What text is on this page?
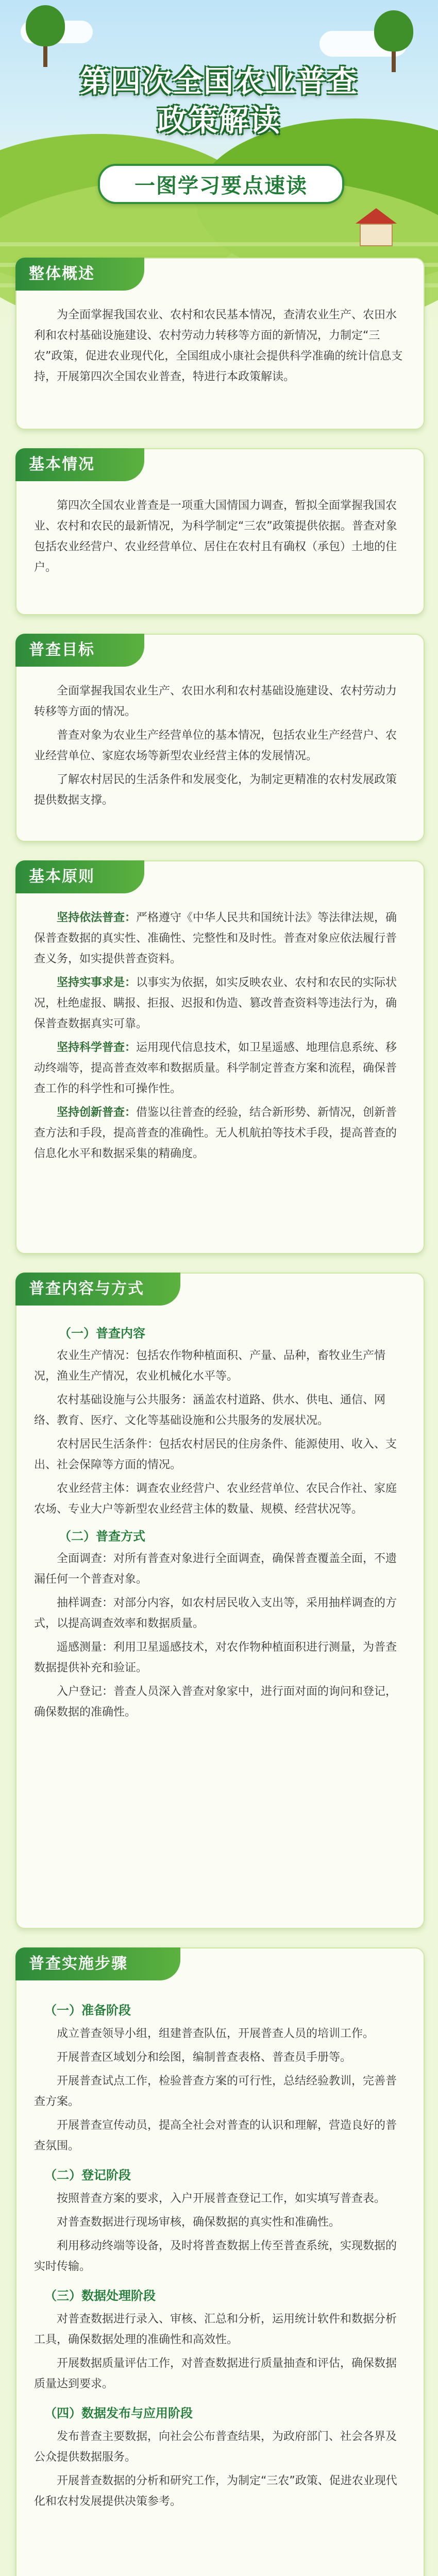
第四次全国农业普查
政策解读
一图学习要点速读
整体概述

为全面掌握我国农业、农村和农民基本情况，查清农业生产、农田水利和农村基础设施建设、农村劳动力转移等方面的新情况，力制定“三农”政策，促进农业现代化，全国组成小康社会提供科学准确的统计信息支持，开展第四次全国农业普查，特进行本政策解读。

基本情况

第四次全国农业普查是一项重大国情国力调查，暂拟全面掌握我国农业、农村和农民的最新情况，为科学制定“三农”政策提供依据。普查对象包括农业经营户、农业经营单位、居住在农村且有确权（承包）土地的住户。

普查目标

全面掌握我国农业生产、农田水利和农村基础设施建设、农村劳动力转移等方面的情况。

普查对象为农业生产经营单位的基本情况，包括农业生产经营户、农业经营单位、家庭农场等新型农业经营主体的发展情况。

了解农村居民的生活条件和发展变化，为制定更精准的农村发展政策提供数据支撑。

基本原则

坚持依法普查：严格遵守《中华人民共和国统计法》等法律法规，确保普查数据的真实性、准确性、完整性和及时性。普查对象应依法履行普查义务，如实提供普查资料。

坚持实事求是：以事实为依据，如实反映农业、农村和农民的实际状况，杜绝虚报、瞒报、拒报、迟报和伪造、篡改普查资料等违法行为，确保普查数据真实可靠。

坚持科学普查：运用现代信息技术，如卫星遥感、地理信息系统、移动终端等，提高普查效率和数据质量。科学制定普查方案和流程，确保普查工作的科学性和可操作性。

坚持创新普查：借鉴以往普查的经验，结合新形势、新情况，创新普查方法和手段，提高普查的准确性。无人机航拍等技术手段，提高普查的信息化水平和数据采集的精确度。

普查内容与方式
（一）普查内容

农业生产情况：包括农作物种植面积、产量、品种，畜牧业生产情况，渔业生产情况，农业机械化水平等。

农村基础设施与公共服务：涵盖农村道路、供水、供电、通信、网络、教育、医疗、文化等基础设施和公共服务的发展状况。

农村居民生活条件：包括农村居民的住房条件、能源使用、收入、支出、社会保障等方面的情况。

农业经营主体：调查农业经营户、农业经营单位、农民合作社、家庭农场、专业大户等新型农业经营主体的数量、规模、经营状况等。

（二）普查方式

全面调查：对所有普查对象进行全面调查，确保普查覆盖全面，不遗漏任何一个普查对象。

抽样调查：对部分内容，如农村居民收入支出等，采用抽样调查的方式，以提高调查效率和数据质量。

遥感测量：利用卫星遥感技术，对农作物种植面积进行测量，为普查数据提供补充和验证。

入户登记：普查人员深入普查对象家中，进行面对面的询问和登记，确保数据的准确性。

普查实施步骤
（一）准备阶段

成立普查领导小组，组建普查队伍，开展普查人员的培训工作。

开展普查区域划分和绘图，编制普查表格、普查员手册等。

开展普查试点工作，检验普查方案的可行性，总结经验教训，完善普查方案。

开展普查宣传动员，提高全社会对普查的认识和理解，营造良好的普查氛围。

（二）登记阶段

按照普查方案的要求，入户开展普查登记工作，如实填写普查表。

对普查数据进行现场审核，确保数据的真实性和准确性。

利用移动终端等设备，及时将普查数据上传至普查系统，实现数据的实时传输。

（三）数据处理阶段

对普查数据进行录入、审核、汇总和分析，运用统计软件和数据分析工具，确保数据处理的准确性和高效性。

开展数据质量评估工作，对普查数据进行质量抽查和评估，确保数据质量达到要求。

（四）数据发布与应用阶段

发布普查主要数据，向社会公布普查结果，为政府部门、社会各界及公众提供数据服务。

开展普查数据的分析和研究工作，为制定“三农”政策、促进农业现代化和农村发展提供决策参考。
